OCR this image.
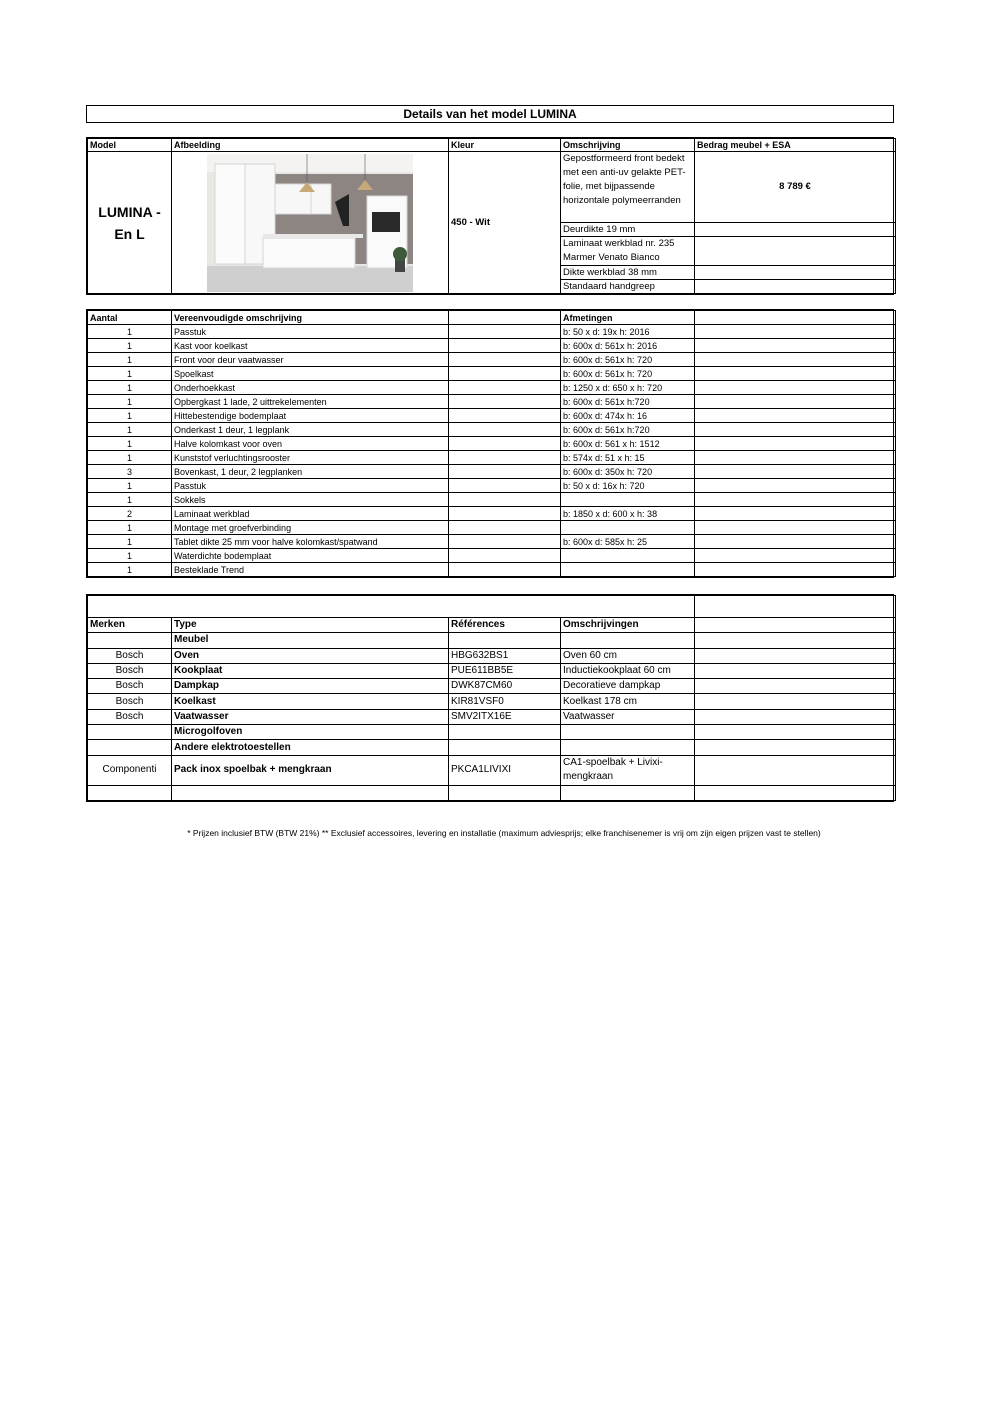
Details van het model LUMINA
Model	Afbeelding	Kleur	Omschrijving	Bedrag meubel + ESA
LUMINA - En L		450 - Wit	Gepostformeerd front bedekt met een anti-uv gelakte PET-folie, met bijpassende horizontale polymeerranden	8 789 €
			Deurdikte 19 mm	
			Laminaat werkblad nr. 235 Marmer Venato Bianco	
			Dikte werkblad 38 mm	
			Standaard handgreep	
Aantal	Vereenvoudigde omschrijving		Afmetingen	
1	Passtuk		b: 50 x d: 19x h: 2016	
1	Kast voor koelkast		b: 600x d: 561x h: 2016	
1	Front voor deur vaatwasser		b: 600x d: 561x h: 720	
1	Spoelkast		b: 600x d: 561x h: 720	
1	Onderhoekkast		b: 1250 x d: 650 x h: 720	
1	Opbergkast 1 lade, 2 uittrekelementen		b: 600x d: 561x h:720	
1	Hittebestendige bodemplaat		b: 600x d: 474x h: 16	
1	Onderkast 1 deur, 1 legplank		b: 600x d: 561x h:720	
1	Halve kolomkast voor oven		b: 600x d: 561 x h: 1512	
1	Kunststof verluchtingsrooster		b: 574x d: 51 x h: 15	
3	Bovenkast, 1 deur, 2 legplanken		b: 600x d: 350x h: 720	
1	Passtuk		b: 50 x d: 16x h: 720	
1	Sokkels			
2	Laminaat werkblad		b: 1850 x d: 600 x h: 38	
1	Montage met groefverbinding			
1	Tablet dikte 25 mm voor halve kolomkast/spatwand		b: 600x d: 585x h: 25	
1	Waterdichte bodemplaat			
1	Besteklade Trend			

Merken	Type	Références	Omschrijvingen	
	Meubel			
Bosch	Oven	HBG632BS1	Oven 60 cm	
Bosch	Kookplaat	PUE611BB5E	Inductiekookplaat 60 cm	
Bosch	Dampkap	DWK87CM60	Decoratieve dampkap	
Bosch	Koelkast	KIR81VSF0	Koelkast 178 cm	
Bosch	Vaatwasser	SMV2ITX16E	Vaatwasser	
	Microgolfoven			
	Andere elektrotoestellen			
Componenti	Pack inox spoelbak + mengkraan	PKCA1LIVIXI	CA1-spoelbak + Livixi-mengkraan	

* Prijzen inclusief BTW (BTW 21%) ** Exclusief accessoires, levering en installatie (maximum adviesprijs; elke franchisenemer is vrij om zijn eigen prijzen vast te stellen)
